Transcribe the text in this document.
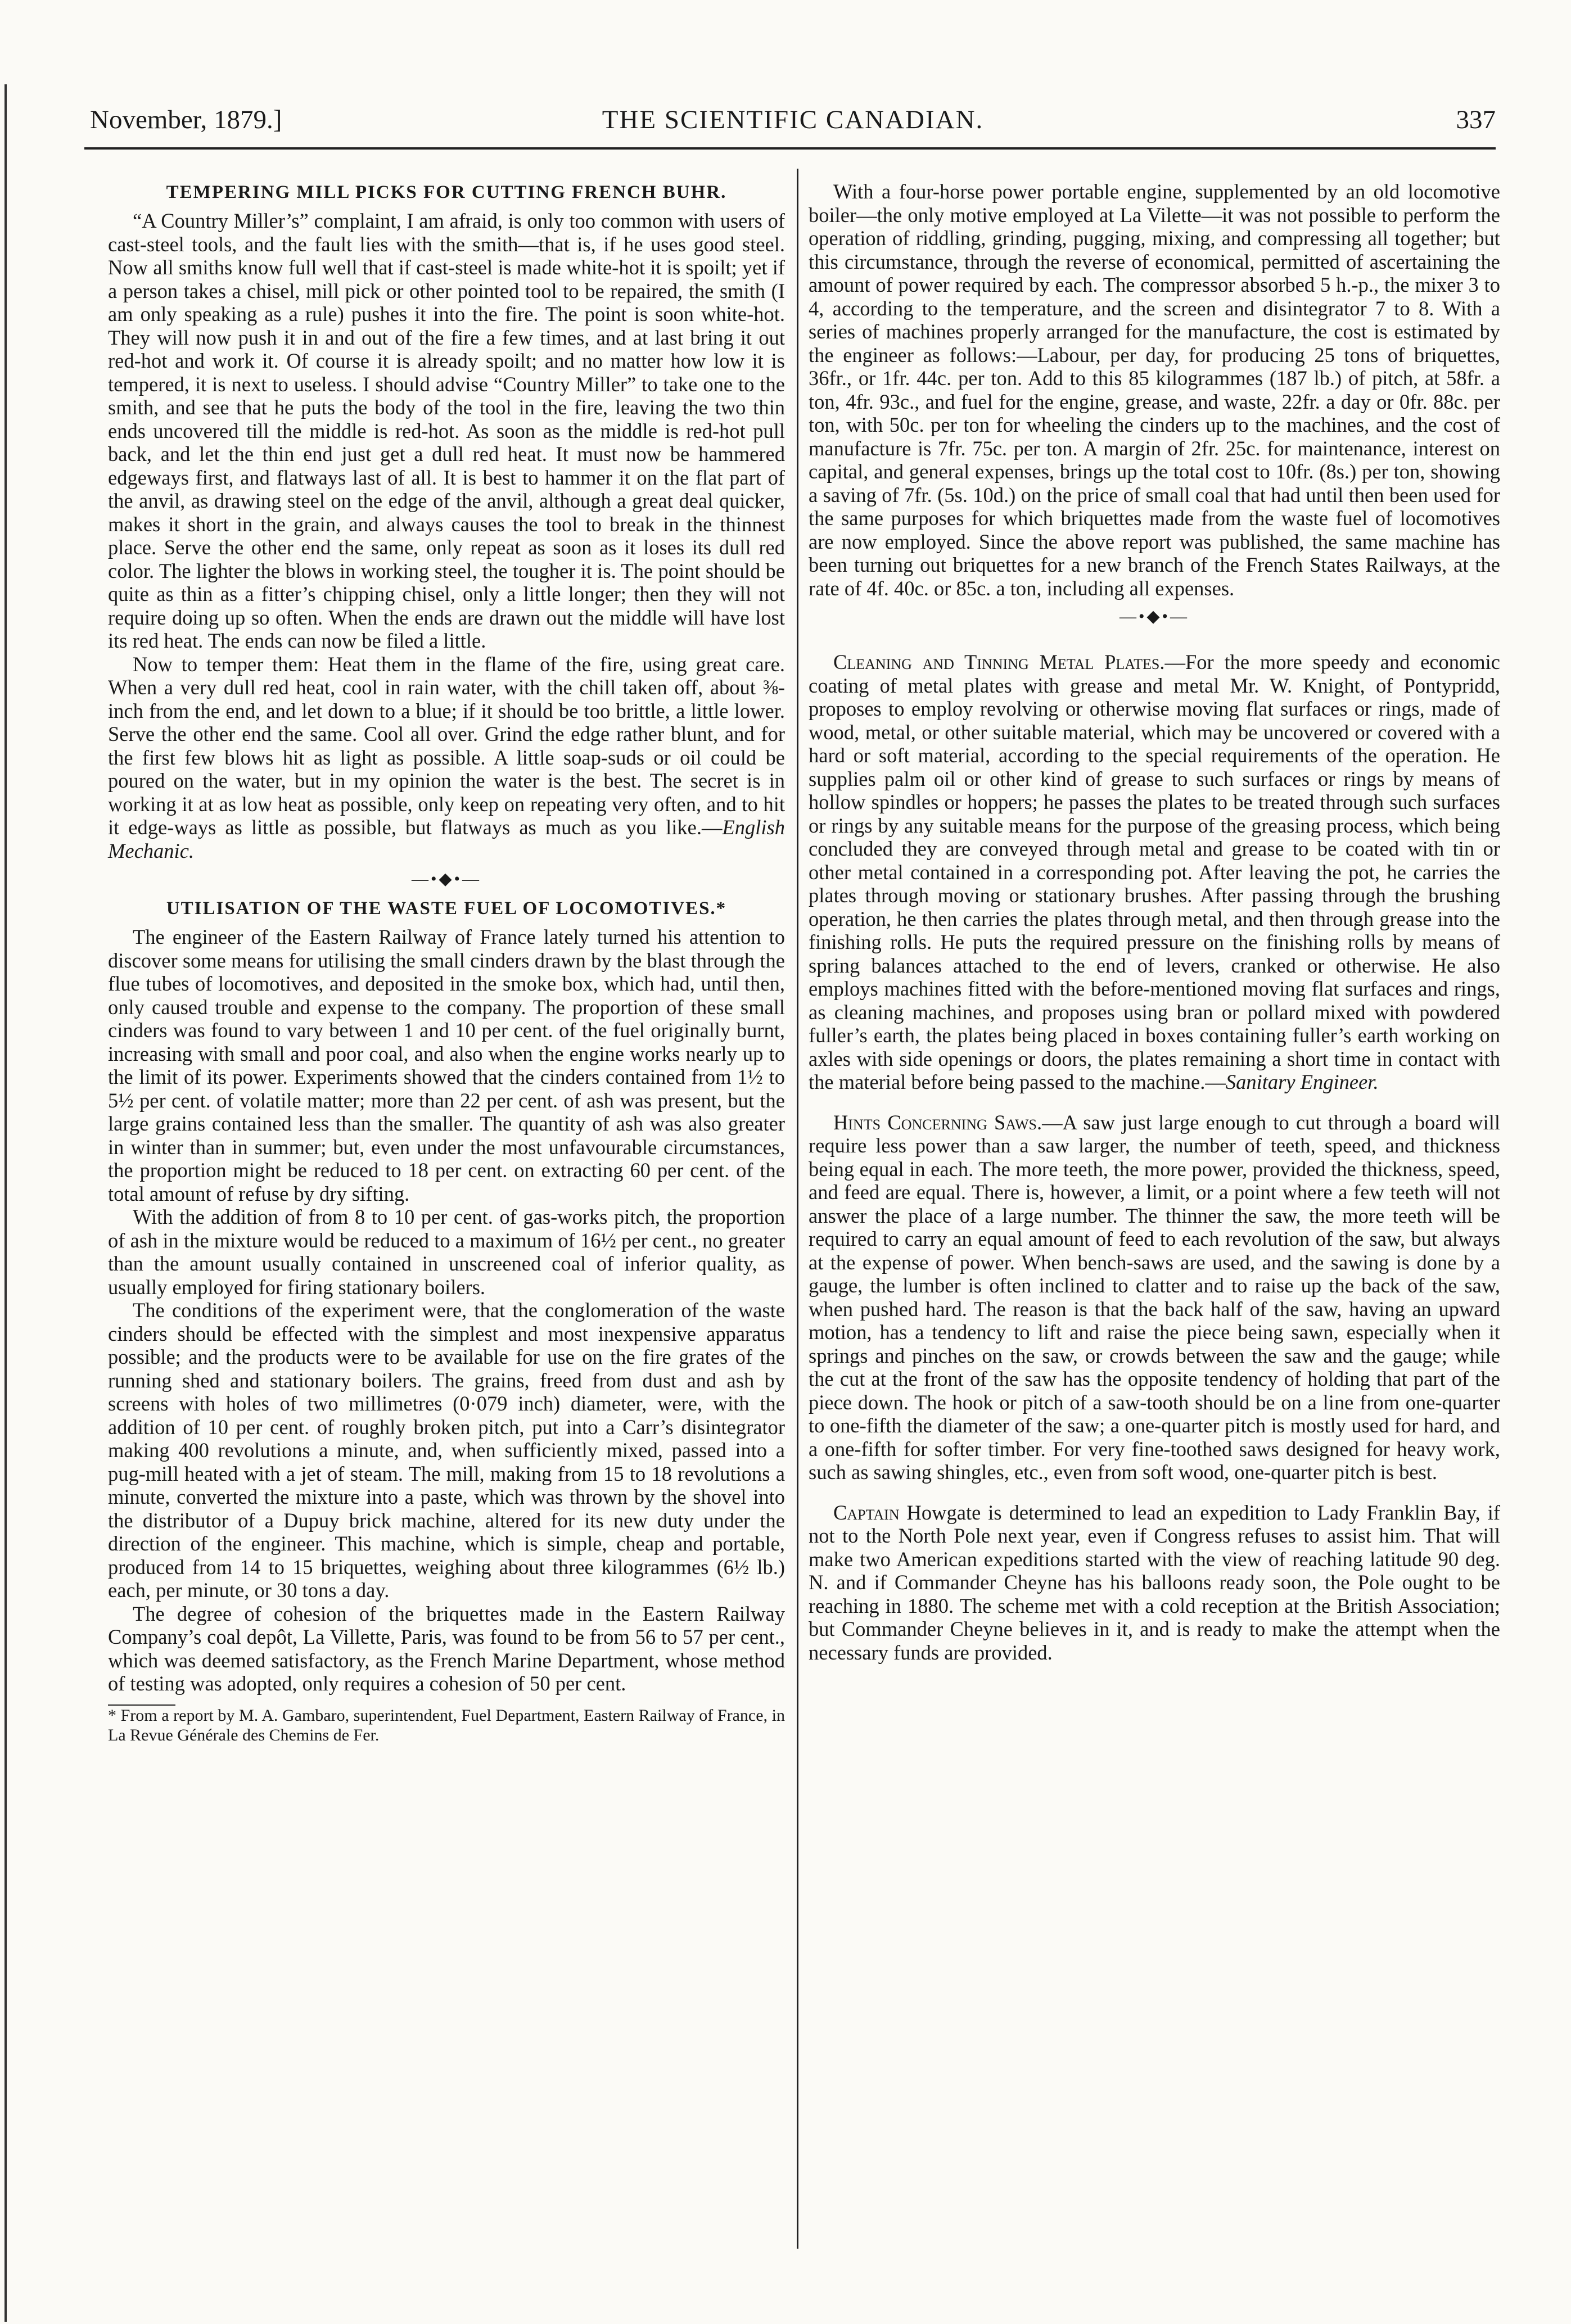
November, 1879.]	THE SCIENTIFIC CANADIAN.	337
TEMPERING MILL PICKS FOR CUTTING FRENCH BUHR.

“A Country Miller’s” complaint, I am afraid, is only too common with users of cast-steel tools, and the fault lies with the smith—that is, if he uses good steel. Now all smiths know full well that if cast-steel is made white-hot it is spoilt; yet if a person takes a chisel, mill pick or other pointed tool to be repaired, the smith (I am only speaking as a rule) pushes it into the fire. The point is soon white-hot. They will now push it in and out of the fire a few times, and at last bring it out red-hot and work it. Of course it is already spoilt; and no matter how low it is tempered, it is next to useless. I should advise “Country Miller” to take one to the smith, and see that he puts the body of the tool in the fire, leaving the two thin ends uncovered till the middle is red-hot. As soon as the middle is red-hot pull back, and let the thin end just get a dull red heat. It must now be hammered edgeways first, and flatways last of all. It is best to hammer it on the flat part of the anvil, as drawing steel on the edge of the anvil, although a great deal quicker, makes it short in the grain, and always causes the tool to break in the thinnest place. Serve the other end the same, only repeat as soon as it loses its dull red color. The lighter the blows in working steel, the tougher it is. The point should be quite as thin as a fitter’s chipping chisel, only a little longer; then they will not require doing up so often. When the ends are drawn out the middle will have lost its red heat. The ends can now be filed a little.

Now to temper them: Heat them in the flame of the fire, using great care. When a very dull red heat, cool in rain water, with the chill taken off, about ⅜-inch from the end, and let down to a blue; if it should be too brittle, a little lower. Serve the other end the same. Cool all over. Grind the edge rather blunt, and for the first few blows hit as light as possible. A little soap-suds or oil could be poured on the water, but in my opinion the water is the best. The secret is in working it at as low heat as possible, only keep on repeating very often, and to hit it edge-ways as little as possible, but flatways as much as you like.—English Mechanic.

—•◆•—
UTILISATION OF THE WASTE FUEL OF LOCOMOTIVES.*

The engineer of the Eastern Railway of France lately turned his attention to discover some means for utilising the small cinders drawn by the blast through the flue tubes of locomotives, and deposited in the smoke box, which had, until then, only caused trouble and expense to the company. The proportion of these small cinders was found to vary between 1 and 10 per cent. of the fuel originally burnt, increasing with small and poor coal, and also when the engine works nearly up to the limit of its power. Experiments showed that the cinders contained from 1½ to 5½ per cent. of volatile matter; more than 22 per cent. of ash was present, but the large grains contained less than the smaller. The quantity of ash was also greater in winter than in summer; but, even under the most unfavourable circumstances, the proportion might be reduced to 18 per cent. on extracting 60 per cent. of the total amount of refuse by dry sifting.

With the addition of from 8 to 10 per cent. of gas-works pitch, the proportion of ash in the mixture would be reduced to a maximum of 16½ per cent., no greater than the amount usually contained in unscreened coal of inferior quality, as usually employed for firing stationary boilers.

The conditions of the experiment were, that the conglomeration of the waste cinders should be effected with the simplest and most inexpensive apparatus possible; and the products were to be available for use on the fire grates of the running shed and stationary boilers. The grains, freed from dust and ash by screens with holes of two millimetres (0·079 inch) diameter, were, with the addition of 10 per cent. of roughly broken pitch, put into a Carr’s disintegrator making 400 revolutions a minute, and, when sufficiently mixed, passed into a pug-mill heated with a jet of steam. The mill, making from 15 to 18 revolutions a minute, converted the mixture into a paste, which was thrown by the shovel into the distributor of a Dupuy brick machine, altered for its new duty under the direction of the engineer. This machine, which is simple, cheap and portable, produced from 14 to 15 briquettes, weighing about three kilogrammes (6½ lb.) each, per minute, or 30 tons a day.

The degree of cohesion of the briquettes made in the Eastern Railway Company’s coal depôt, La Villette, Paris, was found to be from 56 to 57 per cent., which was deemed satisfactory, as the French Marine Department, whose method of testing was adopted, only requires a cohesion of 50 per cent.

* From a report by M. A. Gambaro, superintendent, Fuel Department, Eastern Railway of France, in La Revue Générale des Chemins de Fer.

With a four-horse power portable engine, supplemented by an old locomotive boiler—the only motive employed at La Vilette—it was not possible to perform the operation of riddling, grinding, pugging, mixing, and compressing all together; but this circumstance, through the reverse of economical, permitted of ascertaining the amount of power required by each. The compressor absorbed 5 h.-p., the mixer 3 to 4, according to the temperature, and the screen and disintegrator 7 to 8. With a series of machines properly arranged for the manufacture, the cost is estimated by the engineer as follows:—Labour, per day, for producing 25 tons of briquettes, 36fr., or 1fr. 44c. per ton. Add to this 85 kilogrammes (187 lb.) of pitch, at 58fr. a ton, 4fr. 93c., and fuel for the engine, grease, and waste, 22fr. a day or 0fr. 88c. per ton, with 50c. per ton for wheeling the cinders up to the machines, and the cost of manufacture is 7fr. 75c. per ton. A margin of 2fr. 25c. for maintenance, interest on capital, and general expenses, brings up the total cost to 10fr. (8s.) per ton, showing a saving of 7fr. (5s. 10d.) on the price of small coal that had until then been used for the same purposes for which briquettes made from the waste fuel of locomotives are now employed. Since the above report was published, the same machine has been turning out briquettes for a new branch of the French States Railways, at the rate of 4f. 40c. or 85c. a ton, including all expenses.

—•◆•—

Cleaning and Tinning Metal Plates.—For the more speedy and economic coating of metal plates with grease and metal Mr. W. Knight, of Pontypridd, proposes to employ revolving or otherwise moving flat surfaces or rings, made of wood, metal, or other suitable material, which may be uncovered or covered with a hard or soft material, according to the special requirements of the operation. He supplies palm oil or other kind of grease to such surfaces or rings by means of hollow spindles or hoppers; he passes the plates to be treated through such surfaces or rings by any suitable means for the purpose of the greasing process, which being concluded they are conveyed through metal and grease to be coated with tin or other metal contained in a corresponding pot. After leaving the pot, he carries the plates through moving or stationary brushes. After passing through the brushing operation, he then carries the plates through metal, and then through grease into the finishing rolls. He puts the required pressure on the finishing rolls by means of spring balances attached to the end of levers, cranked or otherwise. He also employs machines fitted with the before-mentioned moving flat surfaces and rings, as cleaning machines, and proposes using bran or pollard mixed with powdered fuller’s earth, the plates being placed in boxes containing fuller’s earth working on axles with side openings or doors, the plates remaining a short time in contact with the material before being passed to the machine.—Sanitary Engineer.

Hints Concerning Saws.—A saw just large enough to cut through a board will require less power than a saw larger, the number of teeth, speed, and thickness being equal in each. The more teeth, the more power, provided the thickness, speed, and feed are equal. There is, however, a limit, or a point where a few teeth will not answer the place of a large number. The thinner the saw, the more teeth will be required to carry an equal amount of feed to each revolution of the saw, but always at the expense of power. When bench-saws are used, and the sawing is done by a gauge, the lumber is often inclined to clatter and to raise up the back of the saw, when pushed hard. The reason is that the back half of the saw, having an upward motion, has a tendency to lift and raise the piece being sawn, especially when it springs and pinches on the saw, or crowds between the saw and the gauge; while the cut at the front of the saw has the opposite tendency of holding that part of the piece down. The hook or pitch of a saw-tooth should be on a line from one-quarter to one-fifth the diameter of the saw; a one-quarter pitch is mostly used for hard, and a one-fifth for softer timber. For very fine-toothed saws designed for heavy work, such as sawing shingles, etc., even from soft wood, one-quarter pitch is best.

Captain Howgate is determined to lead an expedition to Lady Franklin Bay, if not to the North Pole next year, even if Congress refuses to assist him. That will make two American expeditions started with the view of reaching latitude 90 deg. N. and if Commander Cheyne has his balloons ready soon, the Pole ought to be reaching in 1880. The scheme met with a cold reception at the British Association; but Commander Cheyne believes in it, and is ready to make the attempt when the necessary funds are provided.
